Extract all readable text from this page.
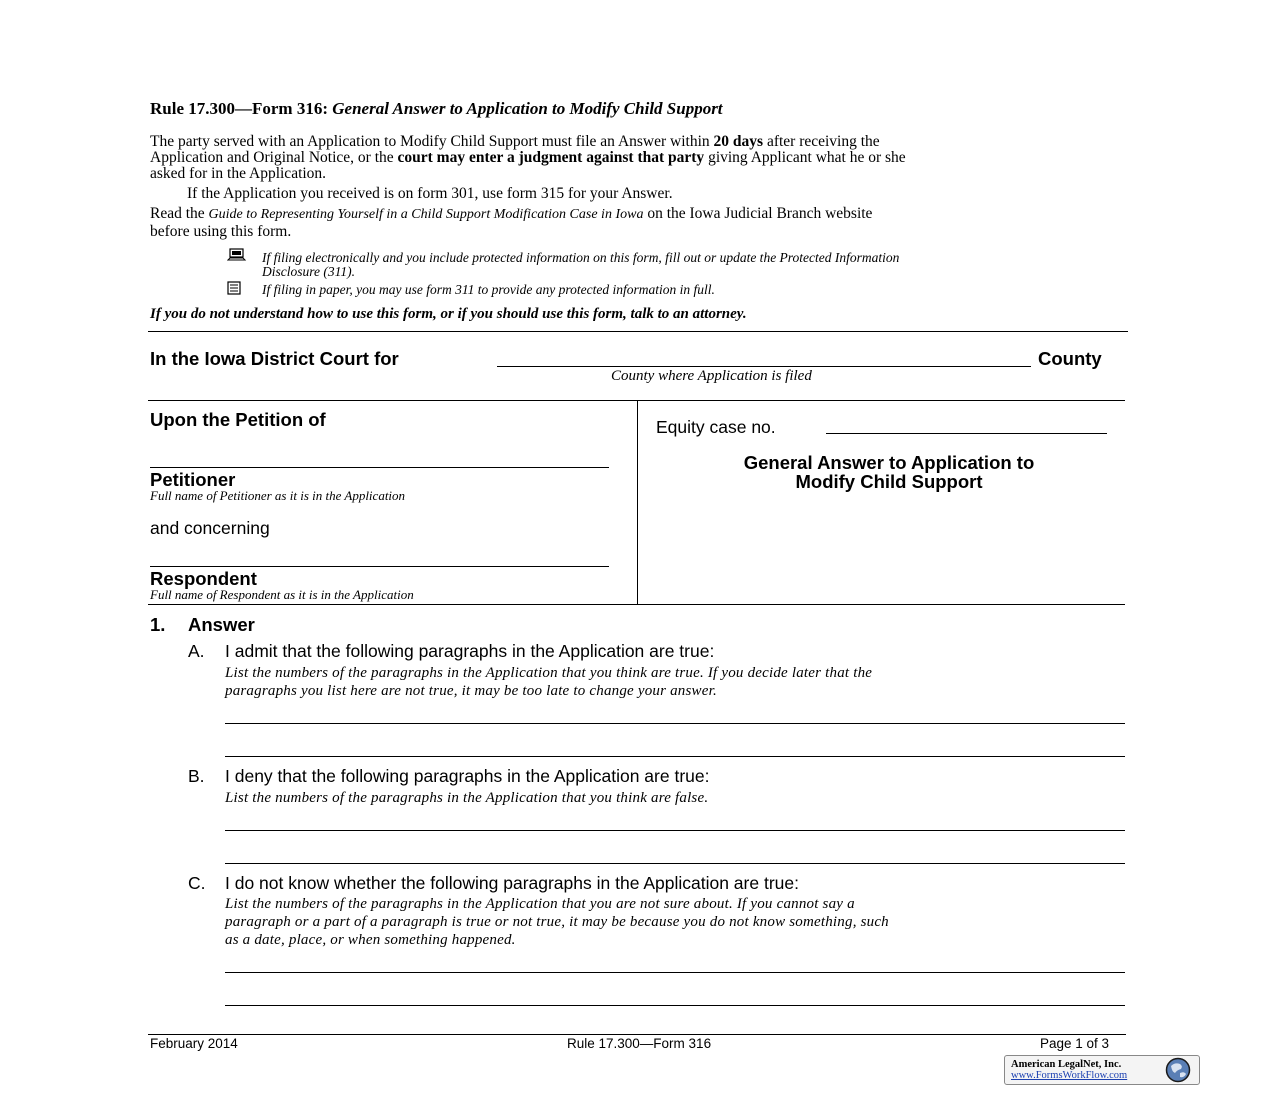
Rule 17.300—Form 316: General Answer to Application to Modify Child Support
The party served with an Application to Modify Child Support must file an Answer within 20 days after receiving the
Application and Original Notice, or the court may enter a judgment against that party giving Applicant what he or she
asked for in the Application.
If the Application you received is on form 301, use form 315 for your Answer.
Read the Guide to Representing Yourself in a Child Support Modification Case in Iowa on the Iowa Judicial Branch website
before using this form.
If filing electronically and you include protected information on this form, fill out or update the Protected Information
Disclosure (311).
If filing in paper, you may use form 311 to provide any protected information in full.
If you do not understand how to use this form, or if you should use this form, talk to an attorney.
In the Iowa District Court for	County
County where Application is filed
Upon the Petition of
Petitioner
Full name of Petitioner as it is in the Application
and concerning
Respondent
Full name of Respondent as it is in the Application
Equity case no.
General Answer to Application to
Modify Child Support
1. Answer
A. I admit that the following paragraphs in the Application are true:
List the numbers of the paragraphs in the Application that you think are true. If you decide later that the
paragraphs you list here are not true, it may be too late to change your answer.
B. I deny that the following paragraphs in the Application are true:
List the numbers of the paragraphs in the Application that you think are false.
C. I do not know whether the following paragraphs in the Application are true:
List the numbers of the paragraphs in the Application that you are not sure about. If you cannot say a
paragraph or a part of a paragraph is true or not true, it may be because you do not know something, such
as a date, place, or when something happened.
February 2014	Rule 17.300—Form 316	Page 1 of 3
American LegalNet, Inc.
www.FormsWorkFlow.com
